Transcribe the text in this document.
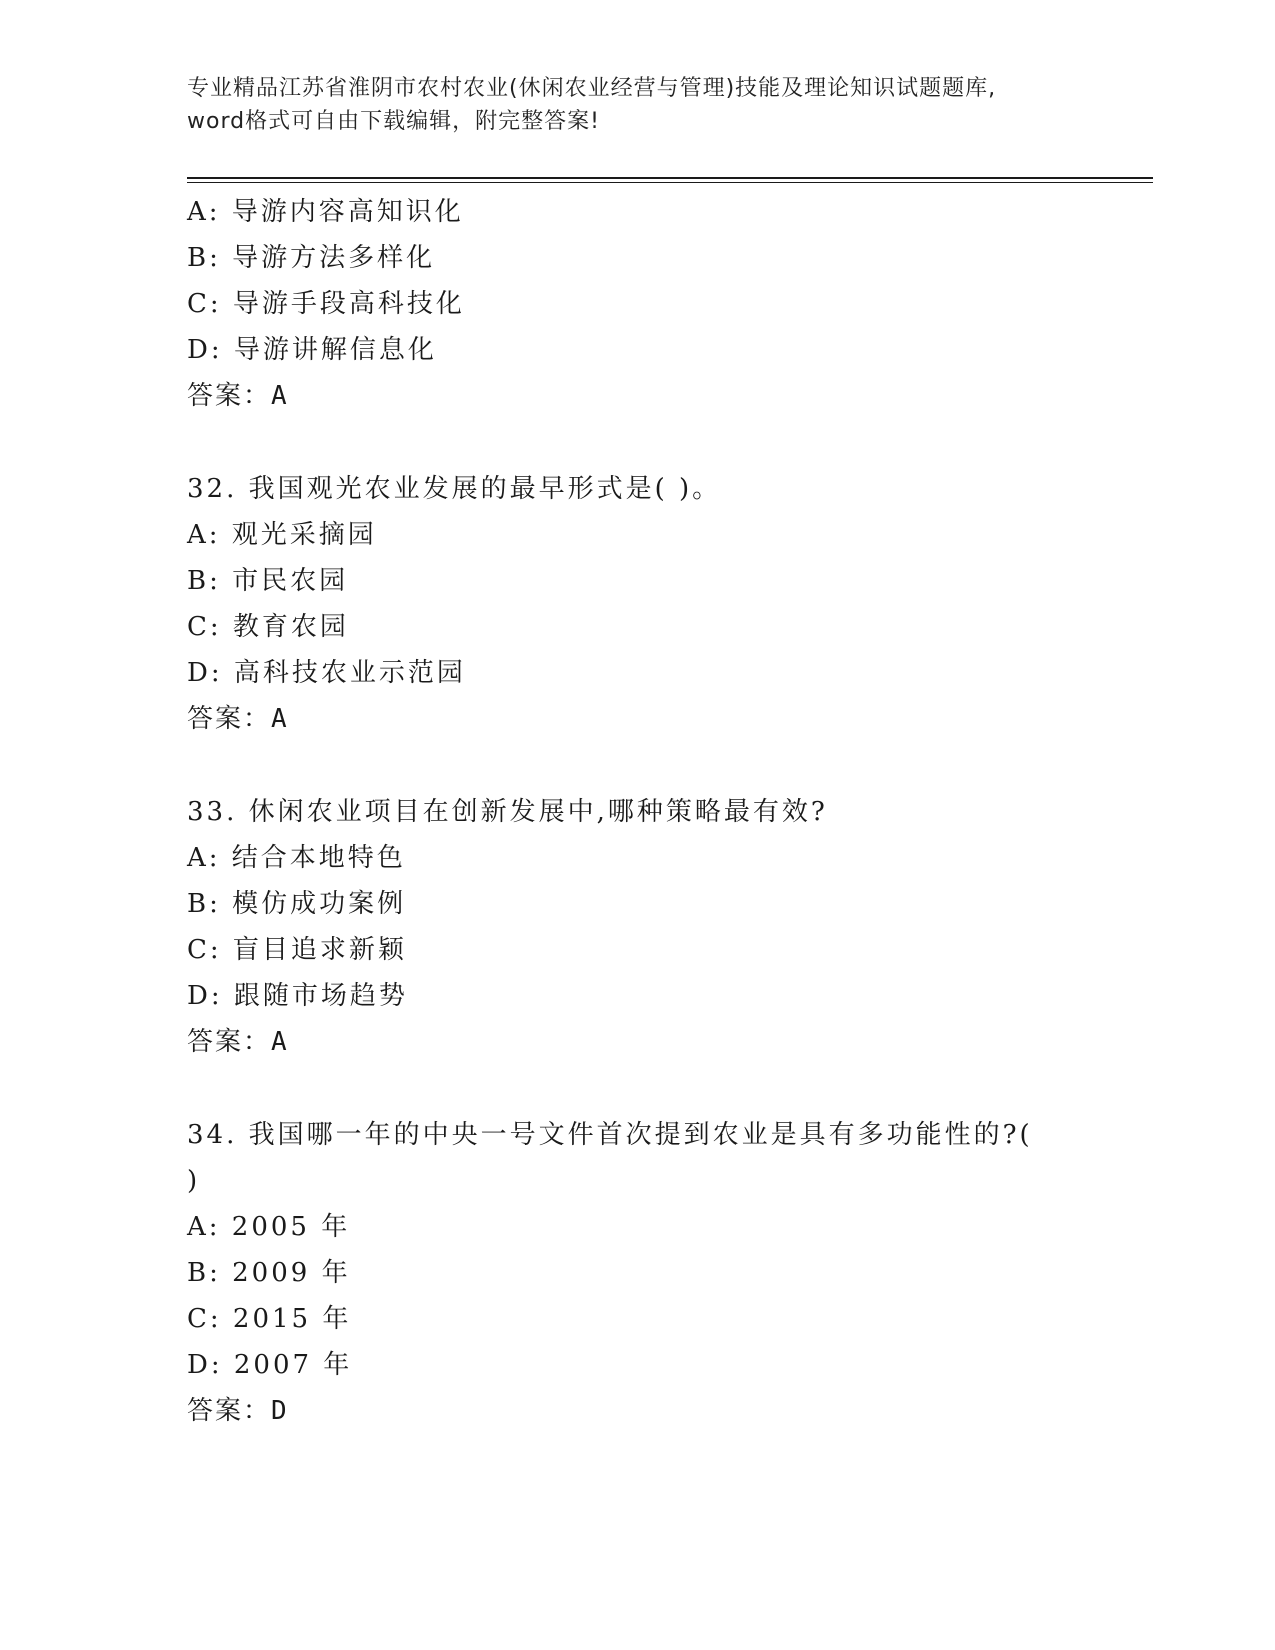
专业精品江苏省淮阴市农村农业(休闲农业经营与管理)技能及理论知识试题题库,
word格式可自由下载编辑，附完整答案!
A: 导游内容高知识化
B: 导游方法多样化
C: 导游手段高科技化
D: 导游讲解信息化
答案：A
32. 我国观光农业发展的最早形式是( )。
A: 观光采摘园
B: 市民农园
C: 教育农园
D: 高科技农业示范园
答案：A
33. 休闲农业项目在创新发展中,哪种策略最有效?
A: 结合本地特色
B: 模仿成功案例
C: 盲目追求新颖
D: 跟随市场趋势
答案：A
34. 我国哪一年的中央一号文件首次提到农业是具有多功能性的?(
)
A: 2005 年
B: 2009 年
C: 2015 年
D: 2007 年
答案：D
